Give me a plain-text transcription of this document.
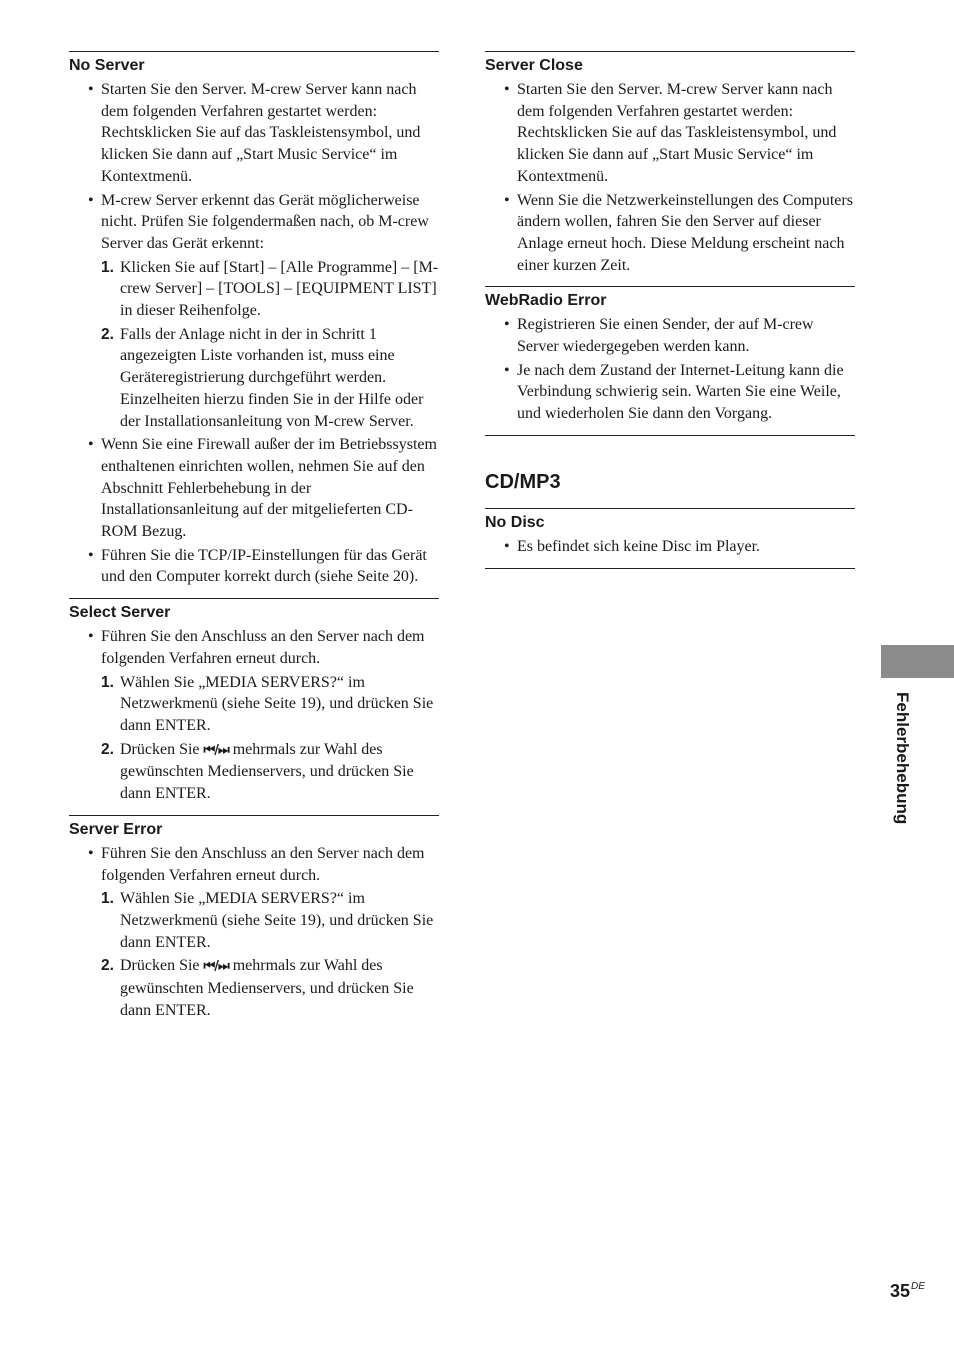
No Server
• Starten Sie den Server. M-crew Server kann nach dem folgenden Verfahren gestartet werden: Rechtsklicken Sie auf das Taskleistensymbol, und klicken Sie dann auf „Start Music Service“ im Kontextmenü.
• M-crew Server erkennt das Gerät möglicherweise nicht. Prüfen Sie folgendermaßen nach, ob M-crew Server das Gerät erkennt:
1. Klicken Sie auf [Start] – [Alle Programme] – [M-crew Server] – [TOOLS] – [EQUIPMENT LIST] in dieser Reihenfolge.
2. Falls der Anlage nicht in der in Schritt 1 angezeigten Liste vorhanden ist, muss eine Geräteregistrierung durchgeführt werden. Einzelheiten hierzu finden Sie in der Hilfe oder der Installationsanleitung von M-crew Server.
• Wenn Sie eine Firewall außer der im Betriebssystem enthaltenen einrichten wollen, nehmen Sie auf den Abschnitt Fehlerbehebung in der Installationsanleitung auf der mitgelieferten CD-ROM Bezug.
• Führen Sie die TCP/IP-Einstellungen für das Gerät und den Computer korrekt durch (siehe Seite 20).
Select Server
• Führen Sie den Anschluss an den Server nach dem folgenden Verfahren erneut durch.
1. Wählen Sie „MEDIA SERVERS?“ im Netzwerkmenü (siehe Seite 19), und drücken Sie dann ENTER.
2. Drücken Sie ⏮/⏭ mehrmals zur Wahl des gewünschten Medienservers, und drücken Sie dann ENTER.
Server Error
• Führen Sie den Anschluss an den Server nach dem folgenden Verfahren erneut durch.
1. Wählen Sie „MEDIA SERVERS?“ im Netzwerkmenü (siehe Seite 19), und drücken Sie dann ENTER.
2. Drücken Sie ⏮/⏭ mehrmals zur Wahl des gewünschten Medienservers, und drücken Sie dann ENTER.
Server Close
• Starten Sie den Server. M-crew Server kann nach dem folgenden Verfahren gestartet werden: Rechtsklicken Sie auf das Taskleistensymbol, und klicken Sie dann auf „Start Music Service“ im Kontextmenü.
• Wenn Sie die Netzwerkeinstellungen des Computers ändern wollen, fahren Sie den Server auf dieser Anlage erneut hoch. Diese Meldung erscheint nach einer kurzen Zeit.
WebRadio Error
• Registrieren Sie einen Sender, der auf M-crew Server wiedergegeben werden kann.
• Je nach dem Zustand der Internet-Leitung kann die Verbindung schwierig sein. Warten Sie eine Weile, und wiederholen Sie dann den Vorgang.
CD/MP3
No Disc
• Es befindet sich keine Disc im Player.
Fehlerbehebung
35DE
